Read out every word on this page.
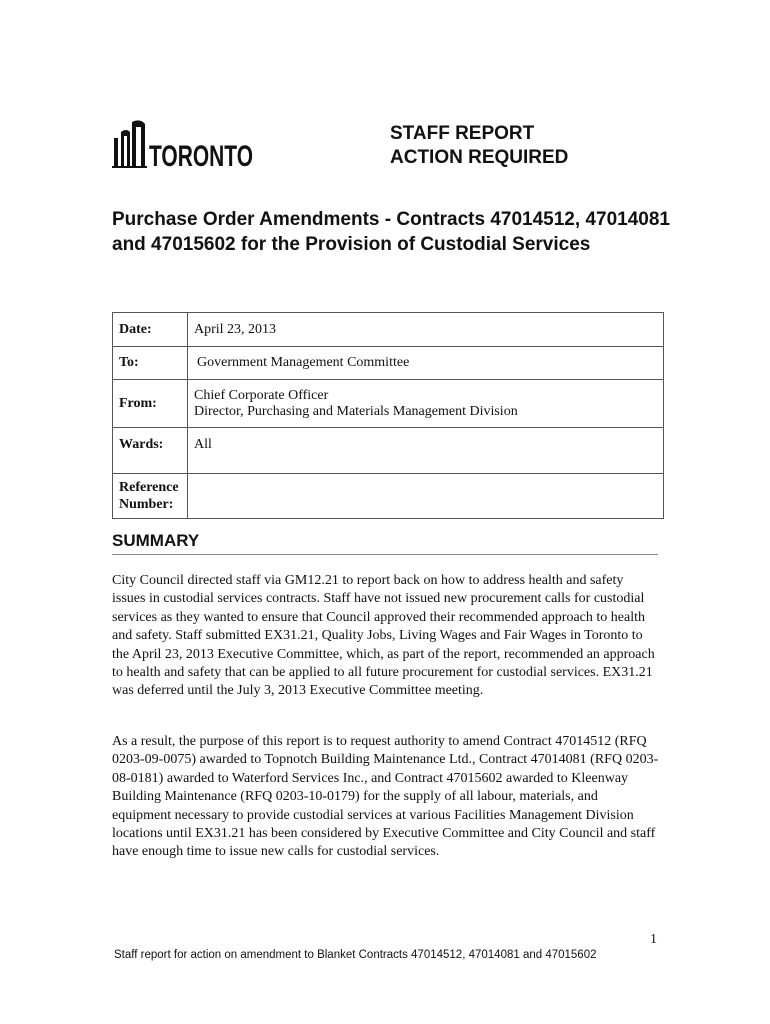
TORONTO
STAFF REPORT
ACTION REQUIRED
Purchase Order Amendments - Contracts 47014512, 47014081 and 47015602 for the Provision of Custodial Services
Date:	April 23, 2013
To:	Government Management Committee
From:	Chief Corporate Officer
Director, Purchasing and Materials Management Division

Wards:	All

Reference
Number:	

SUMMARY

City Council directed staff via GM12.21 to report back on how to address health and safety issues in custodial services contracts. Staff have not issued new procurement calls for custodial services as they wanted to ensure that Council approved their recommended approach to health and safety. Staff submitted EX31.21, Quality Jobs, Living Wages and Fair Wages in Toronto to the April 23, 2013 Executive Committee, which, as part of the report, recommended an approach to health and safety that can be applied to all future procurement for custodial services. EX31.21 was deferred until the July 3, 2013 Executive Committee meeting.

As a result, the purpose of this report is to request authority to amend Contract 47014512 (RFQ 0203-09-0075) awarded to Topnotch Building Maintenance Ltd., Contract 47014081 (RFQ 0203-08-0181) awarded to Waterford Services Inc., and Contract 47015602 awarded to Kleenway Building Maintenance (RFQ 0203-10-0179) for the supply of all labour, materials, and equipment necessary to provide custodial services at various Facilities Management Division locations until EX31.21 has been considered by Executive Committee and City Council and staff have enough time to issue new calls for custodial services.

1
Staff report for action on amendment to Blanket Contracts 47014512, 47014081 and 47015602
